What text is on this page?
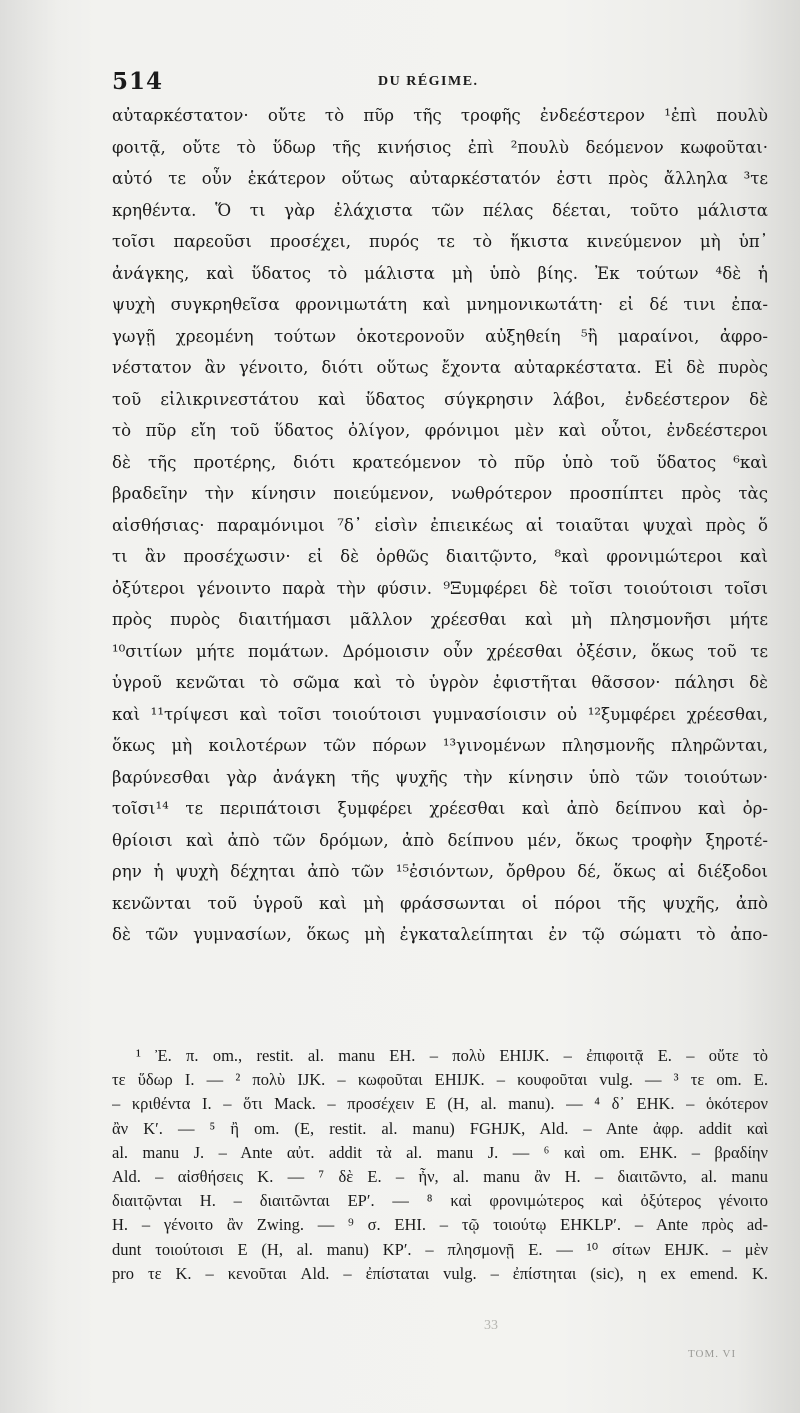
514	DU RÉGIME.
αὐταρκέστατον· οὔτε τὸ πῦρ τῆς τροφῆς ἐνδεέστερον ¹ἐπὶ πουλὺ
φοιτᾷ, οὔτε τὸ ὕδωρ τῆς κινήσιος ἐπὶ ²πουλὺ δεόμενον κωφοῦται·
αὐτό τε οὖν ἑκάτερον οὕτως αὐταρκέστατόν ἐστι πρὸς ἄλληλα ³τε
κρηθέντα. Ὅ τι γὰρ ἐλάχιστα τῶν πέλας δέεται, τοῦτο μάλιστα
τοῖσι παρεοῦσι προσέχει, πυρός τε τὸ ἥκιστα κινεύμενον μὴ ὑπ᾽
ἀνάγκης, καὶ ὕδατος τὸ μάλιστα μὴ ὑπὸ βίης. Ἐκ τούτων ⁴δὲ ἡ
ψυχὴ συγκρηθεῖσα φρονιμωτάτη καὶ μνημονικωτάτη· εἰ δέ τινι ἐπα-
γωγῇ χρεομένη τούτων ὁκοτερονοῦν αὐξηθείη ⁵ἢ μαραίνοι, ἀφρο-
νέστατον ἂν γένοιτο, διότι οὕτως ἔχοντα αὐταρκέστατα. Εἰ δὲ πυρὸς
τοῦ εἰλικρινεστάτου καὶ ὕδατος σύγκρησιν λάβοι, ἐνδεέστερον δὲ
τὸ πῦρ εἴη τοῦ ὕδατος ὀλίγον, φρόνιμοι μὲν καὶ οὗτοι, ἐνδεέστεροι
δὲ τῆς προτέρης, διότι κρατεόμενον τὸ πῦρ ὑπὸ τοῦ ὕδατος ⁶καὶ
βραδεῖην τὴν κίνησιν ποιεύμενον, νωθρότερον προσπίπτει πρὸς τὰς
αἰσθήσιας· παραμόνιμοι ⁷δ᾽ εἰσὶν ἐπιεικέως αἱ τοιαῦται ψυχαὶ πρὸς ὅ
τι ἂν προσέχωσιν· εἰ δὲ ὀρθῶς διαιτῷντο, ⁸καὶ φρονιμώτεροι καὶ
ὀξύτεροι γένοιντο παρὰ τὴν φύσιν. ⁹Ξυμφέρει δὲ τοῖσι τοιούτοισι τοῖσι
πρὸς πυρὸς διαιτήμασι μᾶλλον χρέεσθαι καὶ μὴ πλησμονῆσι μήτε
¹⁰σιτίων μήτε πομάτων. Δρόμοισιν οὖν χρέεσθαι ὀξέσιν, ὅκως τοῦ τε
ὑγροῦ κενῶται τὸ σῶμα καὶ τὸ ὑγρὸν ἐφιστῆται θᾶσσον· πάλησι δὲ
καὶ ¹¹τρίψεσι καὶ τοῖσι τοιούτοισι γυμνασίοισιν οὐ ¹²ξυμφέρει χρέεσθαι,
ὅκως μὴ κοιλοτέρων τῶν πόρων ¹³γινομένων πλησμονῆς πληρῶνται,
βαρύνεσθαι γὰρ ἀνάγκη τῆς ψυχῆς τὴν κίνησιν ὑπὸ τῶν τοιούτων·
τοῖσι¹⁴ τε περιπάτοισι ξυμφέρει χρέεσθαι καὶ ἀπὸ δείπνου καὶ ὀρ-
θρίοισι καὶ ἀπὸ τῶν δρόμων, ἀπὸ δείπνου μέν, ὅκως τροφὴν ξηροτέ-
ρην ἡ ψυχὴ δέχηται ἀπὸ τῶν ¹⁵ἐσιόντων, ὄρθρου δέ, ὅκως αἱ διέξοδοι
κενῶνται τοῦ ὑγροῦ καὶ μὴ φράσσωνται οἱ πόροι τῆς ψυχῆς, ἀπὸ
δὲ τῶν γυμνασίων, ὅκως μὴ ἐγκαταλείπηται ἐν τῷ σώματι τὸ ἀπο-
¹ Ἐ. π. om., restit. al. manu EH. – πολὺ EHIJK. – ἐπιφοιτᾷ E. – οὔτε τὸ
τε ὕδωρ I. — ² πολὺ IJK. – κωφοῦται EHIJK. – κουφοῦται vulg. — ³ τε om. E.
– κριθέντα I. – ὅτι Mack. – προσέχειν E (H, al. manu). — ⁴ δ᾽ EHK. – ὁκότερον
ἂν K′. — ⁵ ἢ om. (E, restit. al. manu) FGHJK, Ald. – Ante ἀφρ. addit καὶ
al. manu J. – Ante αὐτ. addit τὰ al. manu J. — ⁶ καὶ om. EHK. – βραδίην
Ald. – αἰσθήσεις K. — ⁷ δὲ E. – ἦν, al. manu ἂν H. – διαιτῶντο, al. manu
διαιτῷνται H. – διαιτῶνται EP′. — ⁸ καὶ φρονιμώτερος καὶ ὀξύτερος γένοιτο
H. – γένοιτο ἂν Zwing. — ⁹ σ. EHI. – τῷ τοιούτῳ EHKLP′. – Ante πρὸς ad-
dunt τοιούτοισι E (H, al. manu) KP′. – πλησμονῇ E. — ¹⁰ σίτων EHJK. – μὲν
pro τε K. – κενοῦται Ald. – ἐπίσταται vulg. – ἐπίστηται (sic), η ex emend. K.
33
TOM. VI
